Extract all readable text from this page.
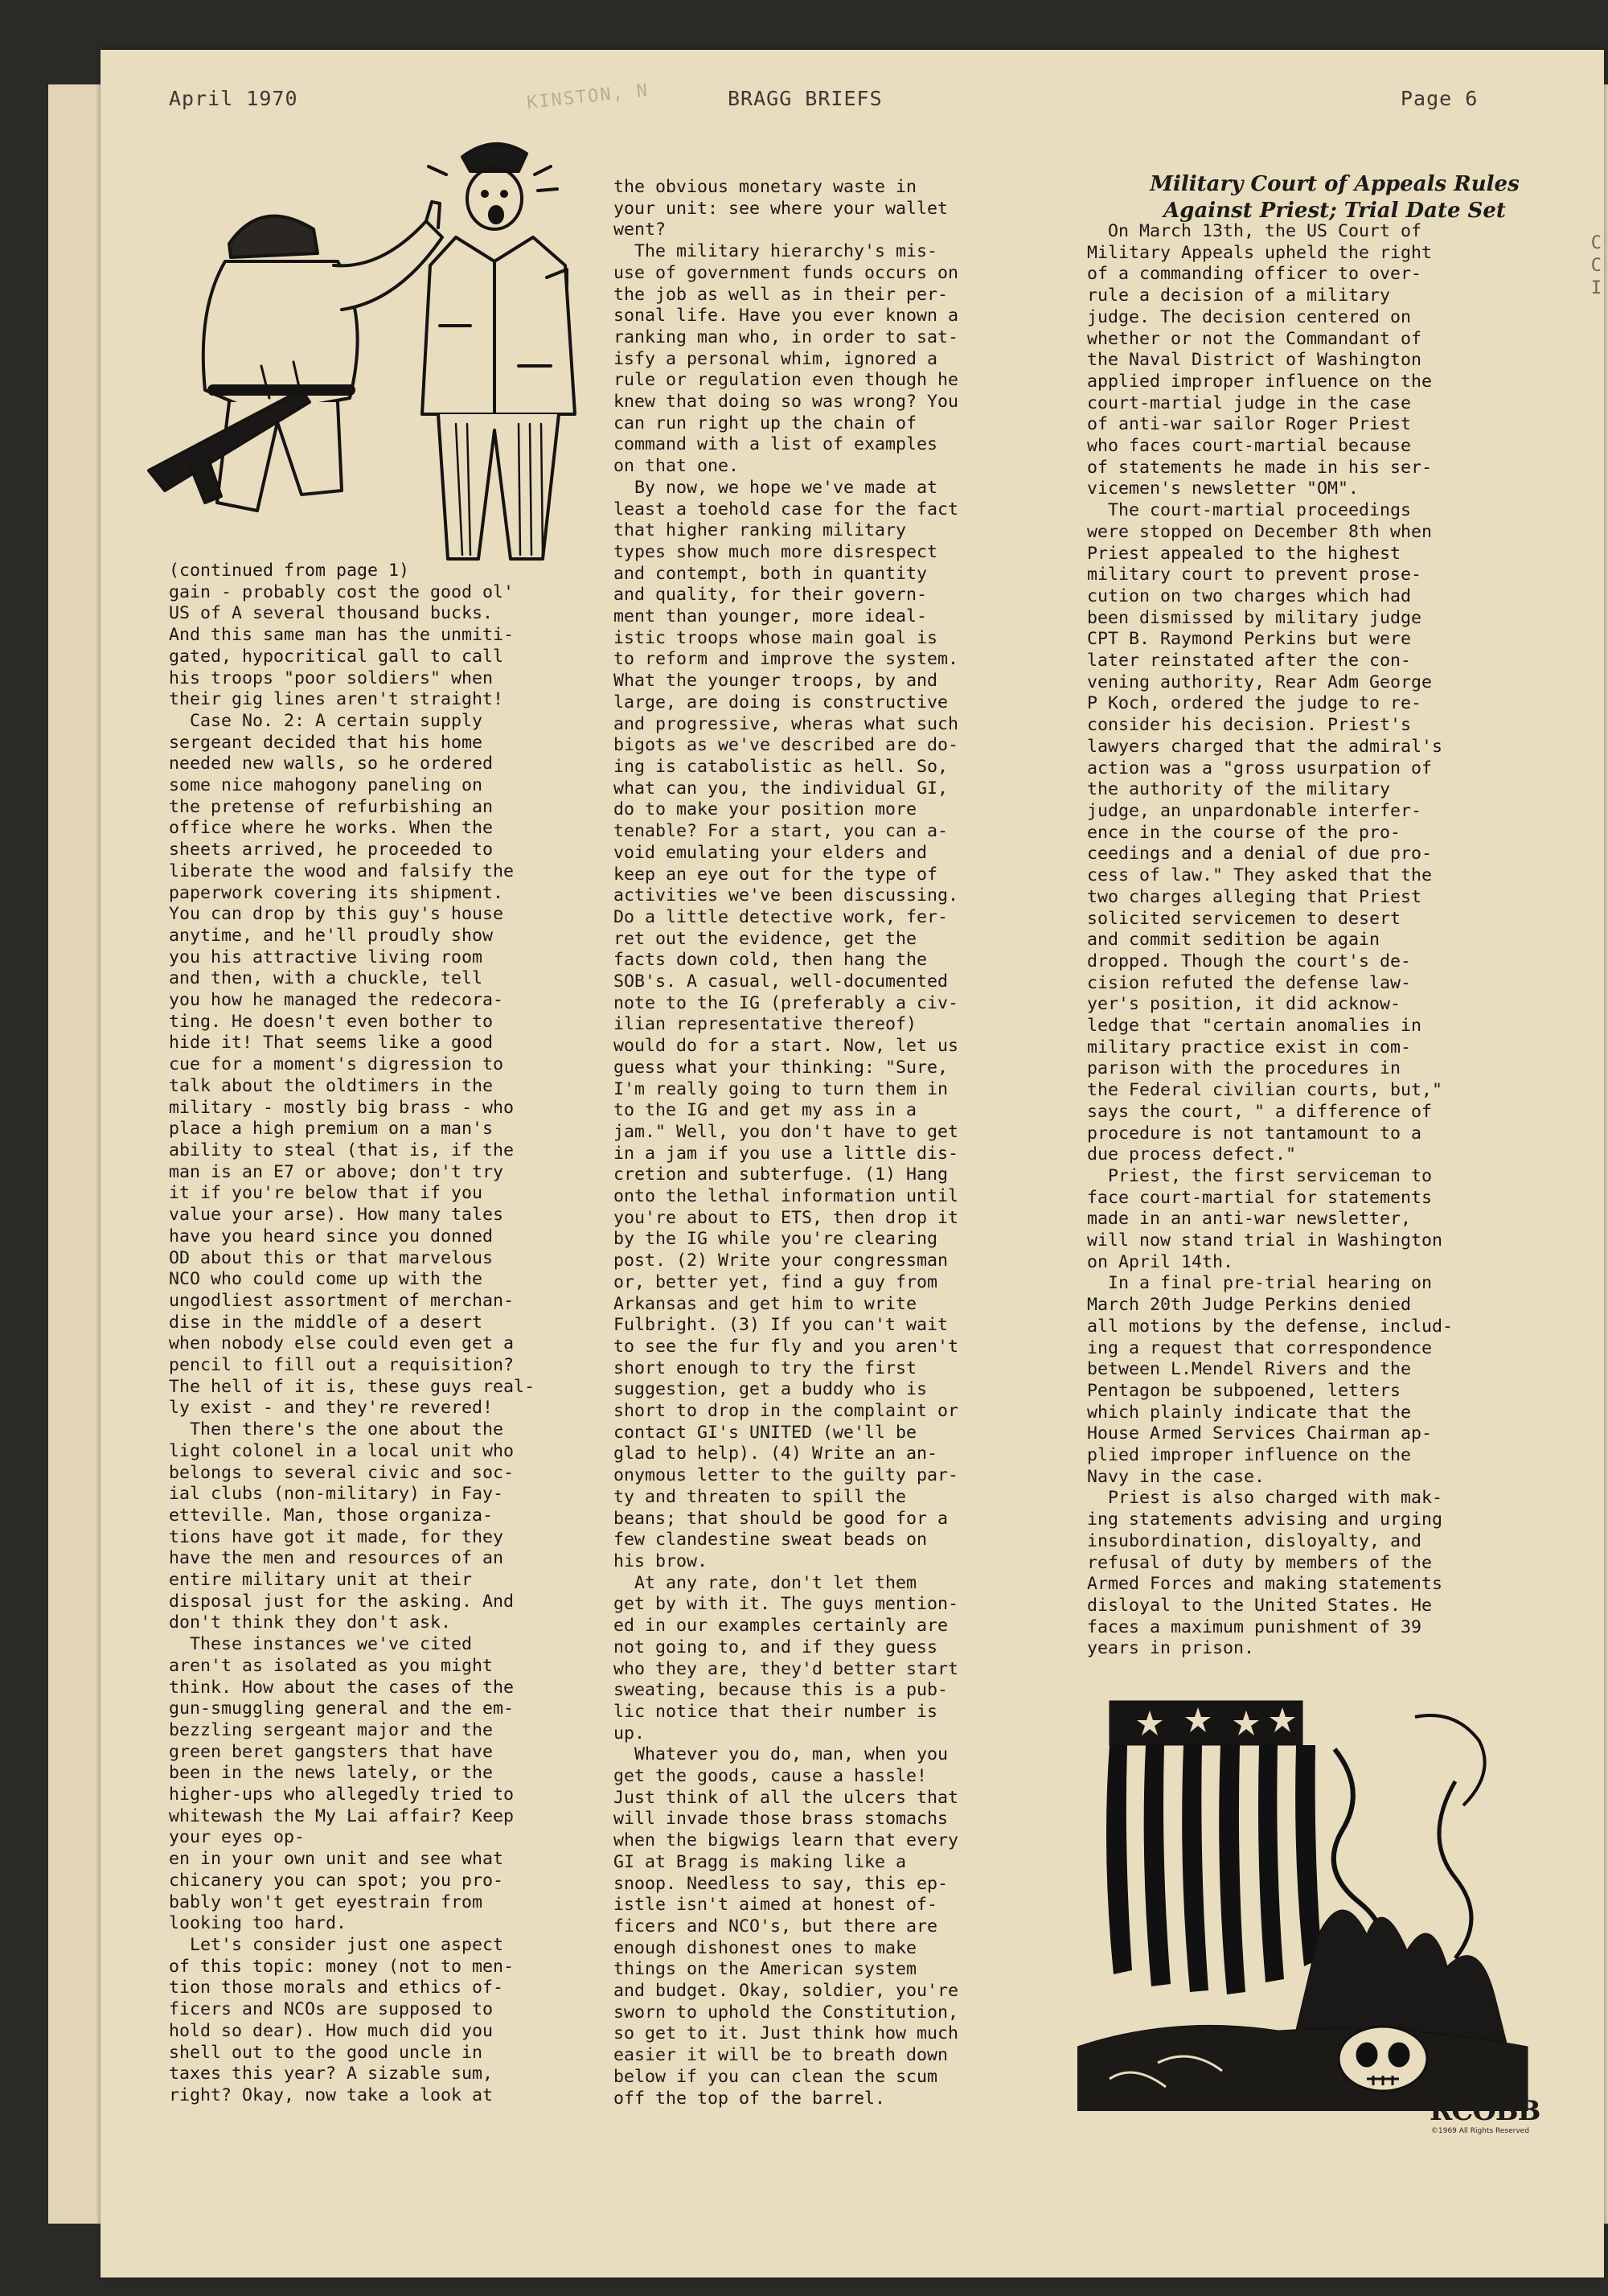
KINSTON, N
April 1970	BRAGG BRIEFS	Page 6
(continued from page 1)
gain - probably cost the good ol'
US of A several thousand bucks.
And this same man has the unmiti-
gated, hypocritical gall to call
his troops "poor soldiers" when
their gig lines aren't straight!
Case No. 2: A certain supply
sergeant decided that his home
needed new walls, so he ordered
some nice mahogony paneling on
the pretense of refurbishing an
office where he works. When the
sheets arrived, he proceeded to
liberate the wood and falsify the
paperwork covering its shipment.
You can drop by this guy's house
anytime, and he'll proudly show
you his attractive living room
and then, with a chuckle, tell
you how he managed the redecora-
ting. He doesn't even bother to
hide it! That seems like a good
cue for a moment's digression to
talk about the oldtimers in the
military - mostly big brass - who
place a high premium on a man's
ability to steal (that is, if the
man is an E7 or above; don't try
it if you're below that if you
value your arse). How many tales
have you heard since you donned
OD about this or that marvelous
NCO who could come up with the
ungodliest assortment of merchan-
dise in the middle of a desert
when nobody else could even get a
pencil to fill out a requisition?
The hell of it is, these guys real-
ly exist - and they're revered!
Then there's the one about the
light colonel in a local unit who
belongs to several civic and soc-
ial clubs (non-military) in Fay-
etteville. Man, those organiza-
tions have got it made, for they
have the men and resources of an
entire military unit at their
disposal just for the asking. And
don't think they don't ask.
These instances we've cited
aren't as isolated as you might
think. How about the cases of the
gun-smuggling general and the em-
bezzling sergeant major and the
green beret gangsters that have
been in the news lately, or the
higher-ups who allegedly tried to
whitewash the My Lai affair? Keep
your eyes op-
en in your own unit and see what
chicanery you can spot; you pro-
bably won't get eyestrain from
looking too hard.
Let's consider just one aspect
of this topic: money (not to men-
tion those morals and ethics of-
ficers and NCOs are supposed to
hold so dear). How much did you
shell out to the good uncle in
taxes this year? A sizable sum,
right? Okay, now take a look at
the obvious monetary waste in
your unit: see where your wallet
went?
The military hierarchy's mis-
use of government funds occurs on
the job as well as in their per-
sonal life. Have you ever known a
ranking man who, in order to sat-
isfy a personal whim, ignored a
rule or regulation even though he
knew that doing so was wrong? You
can run right up the chain of
command with a list of examples
on that one.
By now, we hope we've made at
least a toehold case for the fact
that higher ranking military
types show much more disrespect
and contempt, both in quantity
and quality, for their govern-
ment than younger, more ideal-
istic troops whose main goal is
to reform and improve the system.
What the younger troops, by and
large, are doing is constructive
and progressive, wheras what such
bigots as we've described are do-
ing is catabolistic as hell. So,
what can you, the individual GI,
do to make your position more
tenable? For a start, you can a-
void emulating your elders and
keep an eye out for the type of
activities we've been discussing.
Do a little detective work, fer-
ret out the evidence, get the
facts down cold, then hang the
SOB's. A casual, well-documented
note to the IG (preferably a civ-
ilian representative thereof)
would do for a start. Now, let us
guess what your thinking: "Sure,
I'm really going to turn them in
to the IG and get my ass in a
jam." Well, you don't have to get
in a jam if you use a little dis-
cretion and subterfuge. (1) Hang
onto the lethal information until
you're about to ETS, then drop it
by the IG while you're clearing
post. (2) Write your congressman
or, better yet, find a guy from
Arkansas and get him to write
Fulbright. (3) If you can't wait
to see the fur fly and you aren't
short enough to try the first
suggestion, get a buddy who is
short to drop in the complaint or
contact GI's UNITED (we'll be
glad to help). (4) Write an an-
onymous letter to the guilty par-
ty and threaten to spill the
beans; that should be good for a
few clandestine sweat beads on
his brow.
At any rate, don't let them
get by with it. The guys mention-
ed in our examples certainly are
not going to, and if they guess
who they are, they'd better start
sweating, because this is a pub-
lic notice that their number is
up.
Whatever you do, man, when you
get the goods, cause a hassle!
Just think of all the ulcers that
will invade those brass stomachs
when the bigwigs learn that every
GI at Bragg is making like a
snoop. Needless to say, this ep-
istle isn't aimed at honest of-
ficers and NCO's, but there are
enough dishonest ones to make
things on the American system
and budget. Okay, soldier, you're
sworn to uphold the Constitution,
so get to it. Just think how much
easier it will be to breath down
below if you can clean the scum
off the top of the barrel.
Military Court of Appeals Rules
Against Priest; Trial Date Set
On March 13th, the US Court of
Military Appeals upheld the right
of a commanding officer to over-
rule a decision of a military
judge. The decision centered on
whether or not the Commandant of
the Naval District of Washington
applied improper influence on the
court-martial judge in the case
of anti-war sailor Roger Priest
who faces court-martial because
of statements he made in his ser-
vicemen's newsletter "OM".
The court-martial proceedings
were stopped on December 8th when
Priest appealed to the highest
military court to prevent prose-
cution on two charges which had
been dismissed by military judge
CPT B. Raymond Perkins but were
later reinstated after the con-
vening authority, Rear Adm George
P Koch, ordered the judge to re-
consider his decision. Priest's
lawyers charged that the admiral's
action was a "gross usurpation of
the authority of the military
judge, an unpardonable interfer-
ence in the course of the pro-
ceedings and a denial of due pro-
cess of law." They asked that the
two charges alleging that Priest
solicited servicemen to desert
and commit sedition be again
dropped. Though the court's de-
cision refuted the defense law-
yer's position, it did acknow-
ledge that "certain anomalies in
military practice exist in com-
parison with the procedures in
the Federal civilian courts, but,"
says the court, " a difference of
procedure is not tantamount to a
due process defect."
Priest, the first serviceman to
face court-martial for statements
made in an anti-war newsletter,
will now stand trial in Washington
on April 14th.
In a final pre-trial hearing on
March 20th Judge Perkins denied
all motions by the defense, includ-
ing a request that correspondence
between L.Mendel Rivers and the
Pentagon be subpoened, letters
which plainly indicate that the
House Armed Services Chairman ap-
plied improper influence on the
Navy in the case.
Priest is also charged with mak-
ing statements advising and urging
insubordination, disloyalty, and
refusal of duty by members of the
Armed Forces and making statements
disloyal to the United States. He
faces a maximum punishment of 39
years in prison.
RCOBB
©1969 All Rights Reserved
C
C
I
